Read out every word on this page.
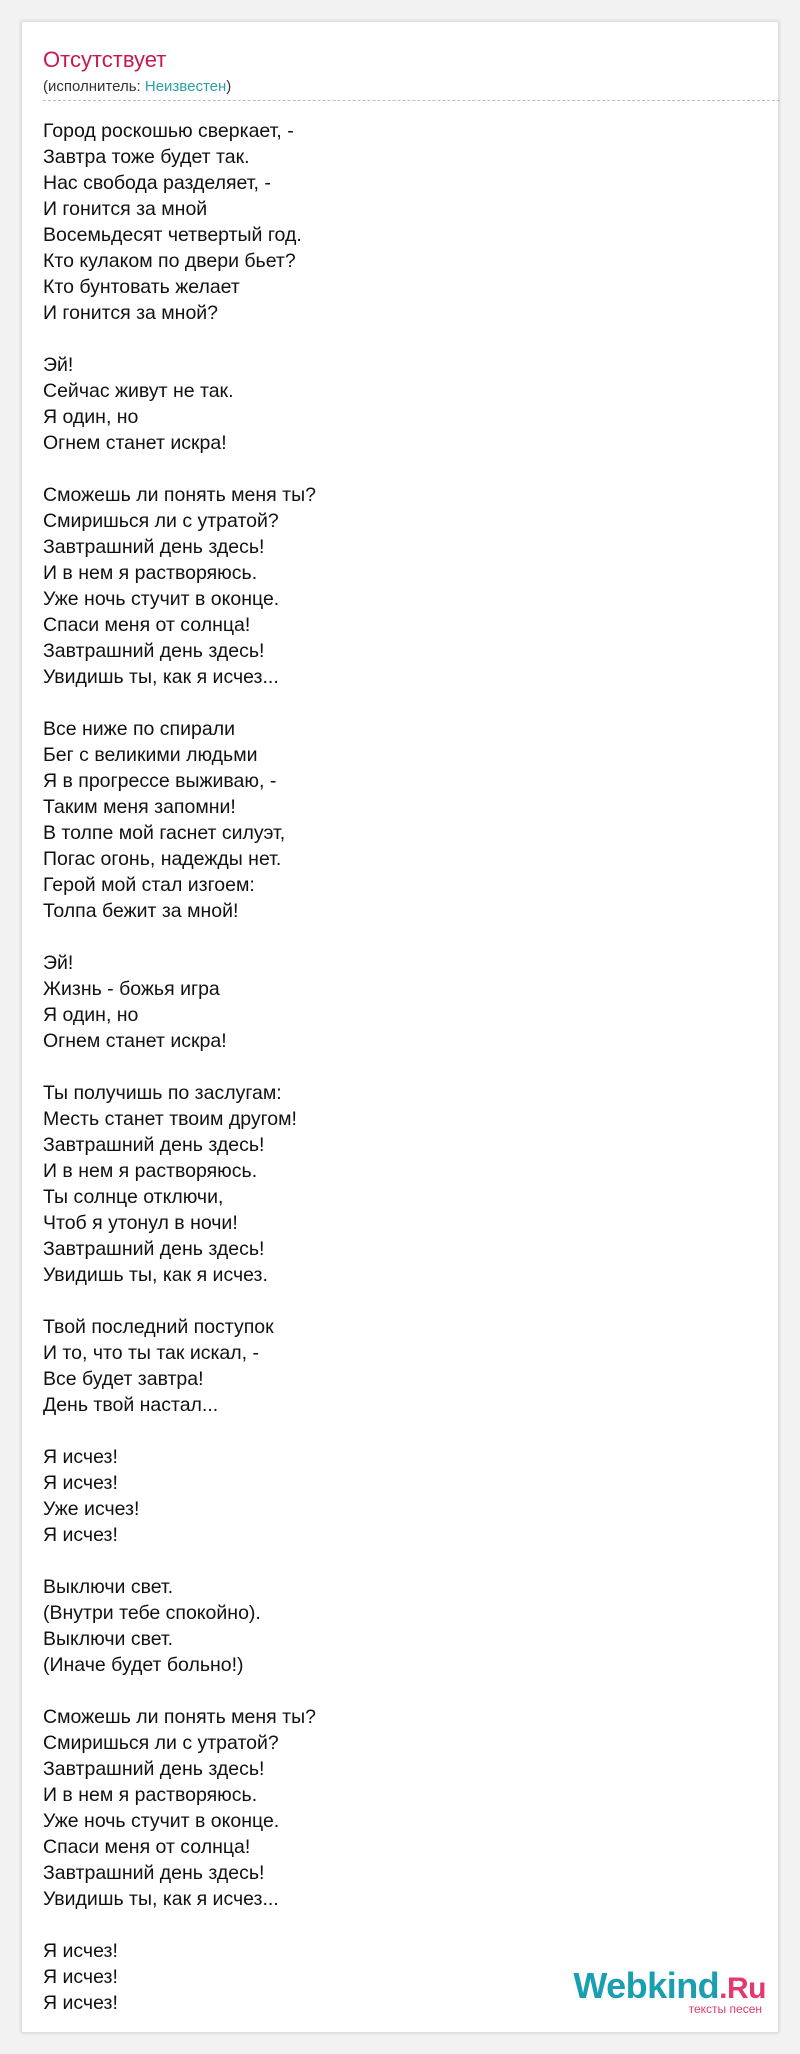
Отсутствует
(исполнитель: Неизвестен)
Город роскошью сверкает, -
Завтра тоже будет так.
Нас свобода разделяет, -
И гонится за мной
Восемьдесят четвертый год.
Кто кулаком по двери бьет?
Кто бунтовать желает
И гонится за мной?
Эй!
Сейчас живут не так.
Я один, но
Огнем станет искра!
Сможешь ли понять меня ты?
Смиришься ли с утратой?
Завтрашний день здесь!
И в нем я растворяюсь.
Уже ночь стучит в оконце.
Спаси меня от солнца!
Завтрашний день здесь!
Увидишь ты, как я исчез...
Все ниже по спирали
Бег с великими людьми
Я в прогрессе выживаю, -
Таким меня запомни!
В толпе мой гаснет силуэт,
Погас огонь, надежды нет.
Герой мой стал изгоем:
Толпа бежит за мной!
Эй!
Жизнь - божья игра
Я один, но
Огнем станет искра!
Ты получишь по заслугам:
Месть станет твоим другом!
Завтрашний день здесь!
И в нем я растворяюсь.
Ты солнце отключи,
Чтоб я утонул в ночи!
Завтрашний день здесь!
Увидишь ты, как я исчез.
Твой последний поступок
И то, что ты так искал, -
Все будет завтра!
День твой настал...
Я исчез!
Я исчез!
Уже исчез!
Я исчез!
Выключи свет.
(Внутри тебе спокойно).
Выключи свет.
(Иначе будет больно!)
Сможешь ли понять меня ты?
Смиришься ли с утратой?
Завтрашний день здесь!
И в нем я растворяюсь.
Уже ночь стучит в оконце.
Спаси меня от солнца!
Завтрашний день здесь!
Увидишь ты, как я исчез...
Я исчез!
Я исчез!
Я исчез!	Webkind.Ru
тексты песен
